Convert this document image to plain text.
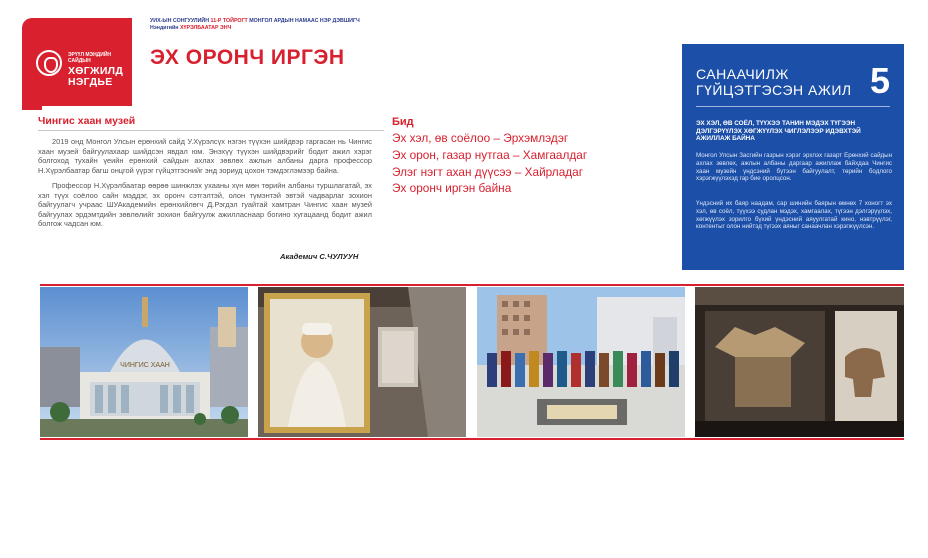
ЭРҮҮЛ МЭНДИЙН
САЙДЫН
ХӨГЖИЛД
НЭГДЬЕ
УИХ-ЫН СОНГУУЛИЙН 11-Р ТОЙРОГТ МОНГОЛ АРДЫН НАМААС НЭР ДЭВШИГЧ
Нэндигийн ХҮРЭЛБААТАР ЭНЧ
ЭХ ОРОНЧ ИРГЭН
Чингис хаан музей

2019 онд Монгол Улсын ерөнхий сайд У.Хүрэлсүх нэгэн түүхэн шийдвэр гаргасан нь Чингис хаан музей байгуулахаар шийдсэн явдал юм. Энэхүү түүхэн шийдвэрийг бодит ажил хэрэг болгоход тухайн үеийн ерөнхий сайдын ахлах зөвлөх ажлын албаны дарга профессор Н.Хүрэлбаатар багш онцгой үүрэг гүйцэтгэснийг энд зориуд цохон тэмдэглэмээр байна.

Профессор Н.Хүрэлбаатар өөрөө шинжлэх ухааны хүн мөн төрийн албаны туршлагатай, эх хэл түүх соёлоо сайн мэддэг, эх оронч сэтгэлтэй, олон түмэнтэй эвтэй чадварлаг зохион байгуулагч учраас ШУАкадемийн ерөнхийлөгч Д.Рэгдэл гуайтай хамтран Чингис хаан музей байгуулах эрдэмтдийн зөвлөлийг зохион байгуулж ажилласнаар богино хугацаанд бодит ажил болгож чадсан юм.

Академич С.ЧУЛУУН
Бид
Эх хэл, өв соёлоо – Эрхэмлэдэг
Эх орон, газар нутгаа – Хамгаалдаг
Элэг нэгт ахан дүүсээ – Хайрладаг
Эх оронч иргэн байна
САНААЧИЛЖ
ГҮЙЦЭТГЭСЭН АЖИЛ 5
ЭХ ХЭЛ, ӨВ СОЁЛ, ТҮҮХЭЭ ТАНИН МЭДЭХ ТҮГЭЭН ДЭЛГЭРҮҮЛЭХ ХӨГЖҮҮЛЭХ ЧИГЛЭЛЭЭР ИДЭВХТЭЙ АЖИЛЛАЖ БАЙНА
Монгол Улсын Засгийн газрын хэрэг эрхлэх газарт Ерөнхий сайдын ахлах зөвлөх, ажлын албаны даргаар ажиллаж байхдаа Чингис хаан музейн үндсэний бүтээн байгуулалт, төрийн бодлого хэрэгжүүлэхэд гар бие оролцсон.
Үндэсний их баяр наадам, сар шинийн баярын өмнөх 7 хоногт эх хэл, өв соёл, түүхээ судлан мэдэх, хамгаалах, түгээн дэлгэрүүлэх, хөгжүүлэх зорилго бүхий үндэсний аяуулгатай кино, нэвтрүүлэг, контентыг олон нийтэд түгээх аяныг санаачлан хэрэгжүүлсэн.
ЧИНГИС ХААН
